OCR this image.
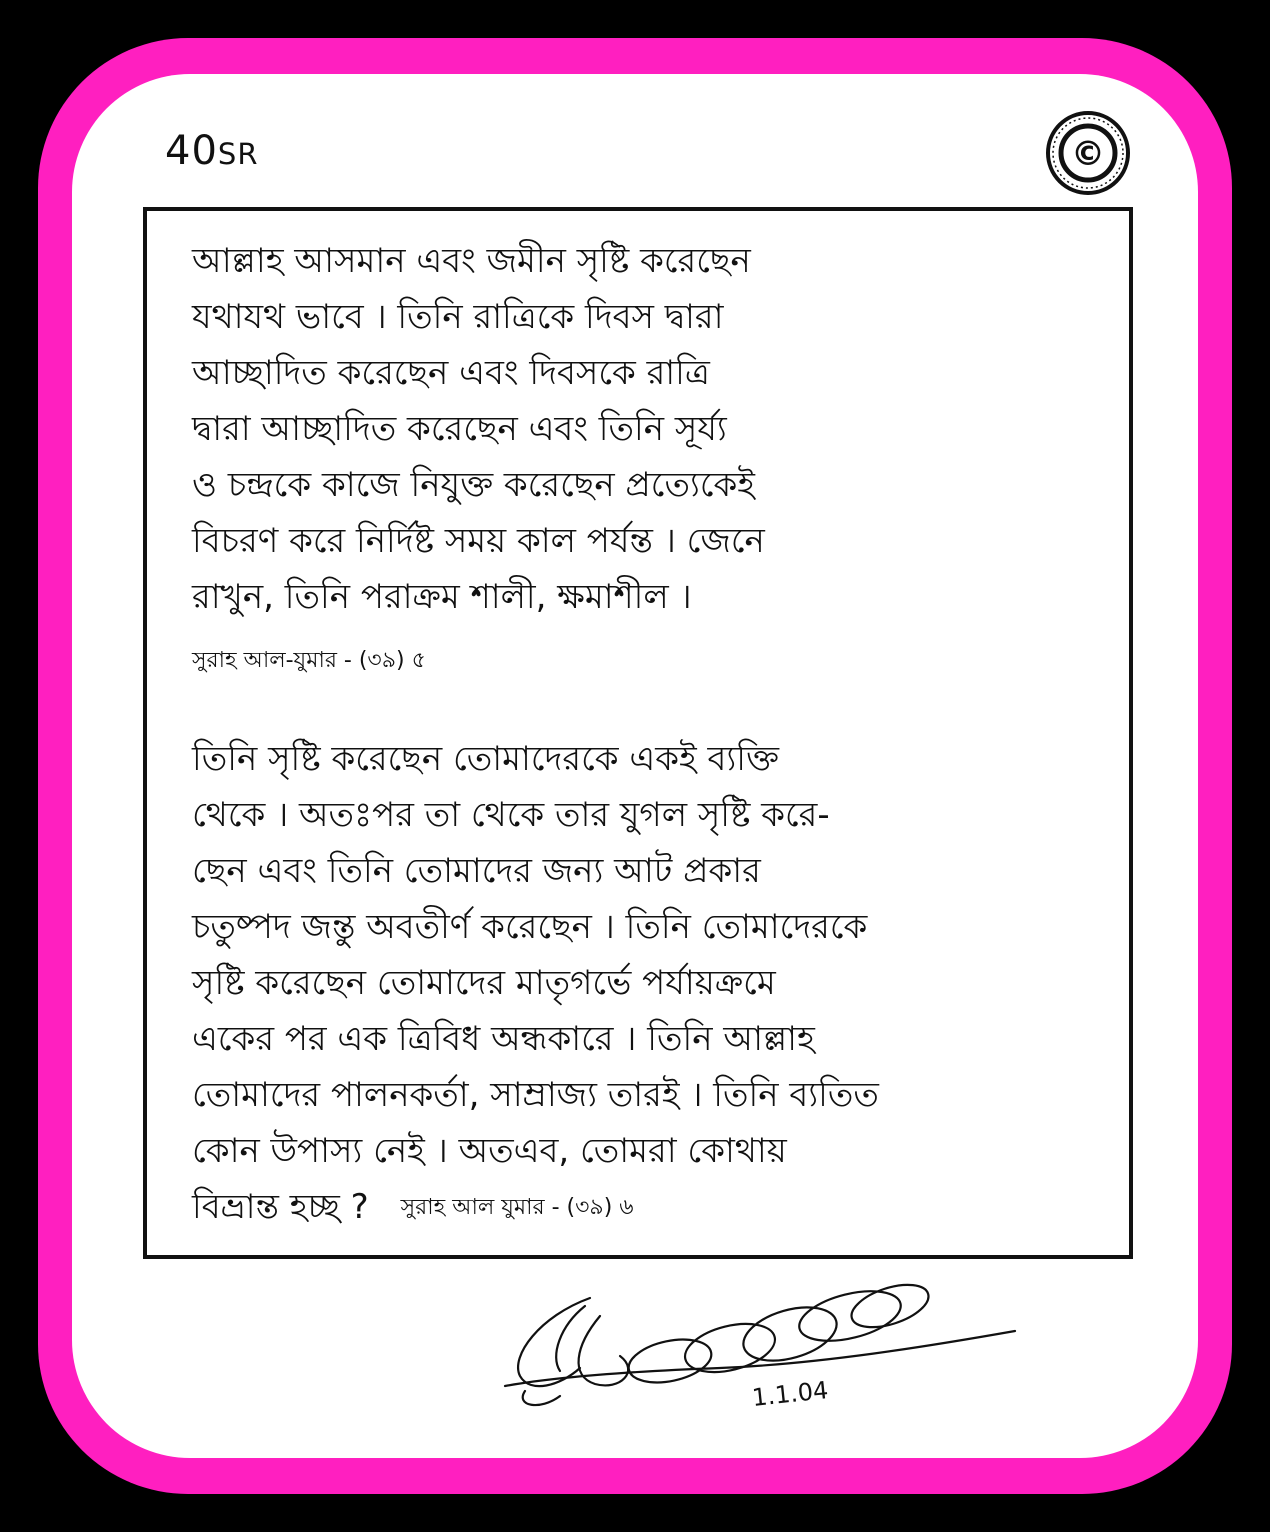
40SR	©
আল্লাহ আসমান এবং জমীন সৃষ্টি করেছেন
যথাযথ ভাবে । তিনি রাত্রিকে দিবস দ্বারা
আচ্ছাদিত করেছেন এবং দিবসকে রাত্রি
দ্বারা আচ্ছাদিত করেছেন এবং তিনি সূর্য্য
ও চন্দ্রকে কাজে নিযুক্ত করেছেন প্রত্যেকেই
বিচরণ করে নির্দিষ্ট সময় কাল পর্যন্ত । জেনে
রাখুন, তিনি পরাক্রম শালী, ক্ষমাশীল ।
সুরাহ আল-যুমার - (৩৯) ৫
তিনি সৃষ্টি করেছেন তোমাদেরকে একই ব্যক্তি
থেকে । অতঃপর তা থেকে তার যুগল সৃষ্টি করে-
ছেন এবং তিনি তোমাদের জন্য আট প্রকার
চতুষ্পদ জন্তু অবতীর্ণ করেছেন । তিনি তোমাদেরকে
সৃষ্টি করেছেন তোমাদের মাতৃগর্ভে পর্যায়ক্রমে
একের পর এক ত্রিবিধ অন্ধকারে । তিনি আল্লাহ
তোমাদের পালনকর্তা, সাম্রাজ্য তারই । তিনি ব্যতিত
কোন উপাস্য নেই । অতএব, তোমরা কোথায়
বিভ্রান্ত হচ্ছ ? সুরাহ আল যুমার - (৩৯) ৬
1.1.04
